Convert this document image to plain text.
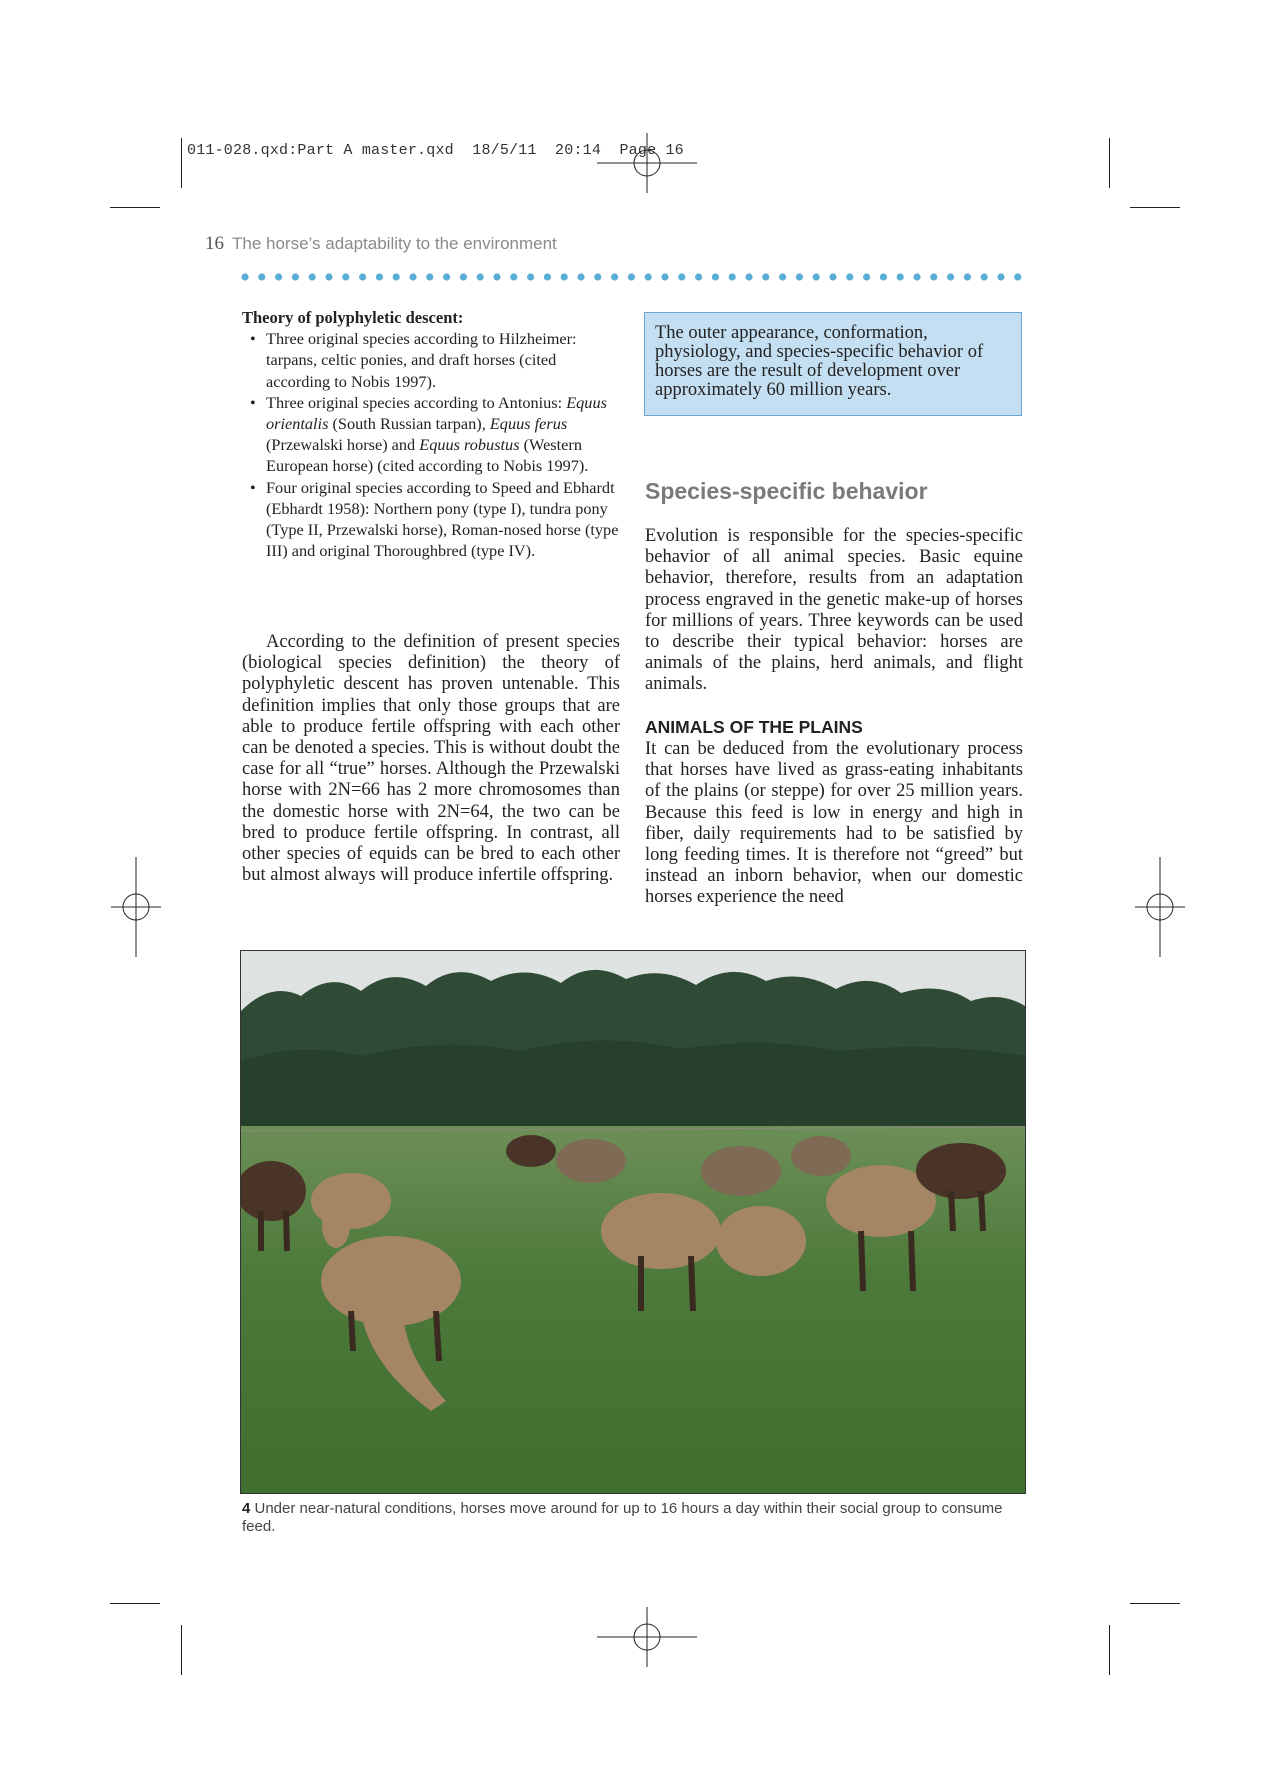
011-028.qxd:Part A master.qxd  18/5/11  20:14  Page 16
16 The horse’s adaptability to the environment
Theory of polyphyletic descent:
• Three original species according to Hilzheimer: tarpans, celtic ponies, and draft horses (cited according to Nobis 1997).
• Three original species according to Antonius: Equus orientalis (South Russian tarpan), Equus ferus (Przewalski horse) and Equus robustus (Western European horse) (cited according to Nobis 1997).
• Four original species according to Speed and Ebhardt (Ebhardt 1958): Northern pony (type I), tundra pony (Type II, Przewalski horse), Roman-nosed horse (type III) and original Thoroughbred (type IV).

According to the definition of present species (biological species definition) the theory of polyphyletic descent has proven untenable. This definition implies that only those groups that are able to produce fertile offspring with each other can be denoted a species. This is without doubt the case for all “true” horses. Although the Przewalski horse with 2N=66 has 2 more chromosomes than the domestic horse with 2N=64, the two can be bred to produce fertile offspring. In contrast, all other species of equids can be bred to each other but almost always will produce infertile offspring.

The outer appearance, conformation, physiology, and species-specific behavior of horses are the result of development over approximately 60 million years.
Species-specific behavior

Evolution is responsible for the species-specific behavior of all animal species. Basic equine behavior, therefore, results from an adaptation process engraved in the genetic make-up of horses for millions of years. Three keywords can be used to describe their typical behavior: horses are animals of the plains, herd animals, and flight animals.

ANIMALS OF THE PLAINS

It can be deduced from the evolutionary process that horses have lived as grass-eating inhabitants of the plains (or steppe) for over 25 million years. Because this feed is low in energy and high in fiber, daily requirements had to be satisfied by long feeding times. It is therefore not “greed” but instead an inborn behavior, when our domestic horses experience the need

4 Under near-natural conditions, horses move around for up to 16 hours a day within their social group to consume feed.
